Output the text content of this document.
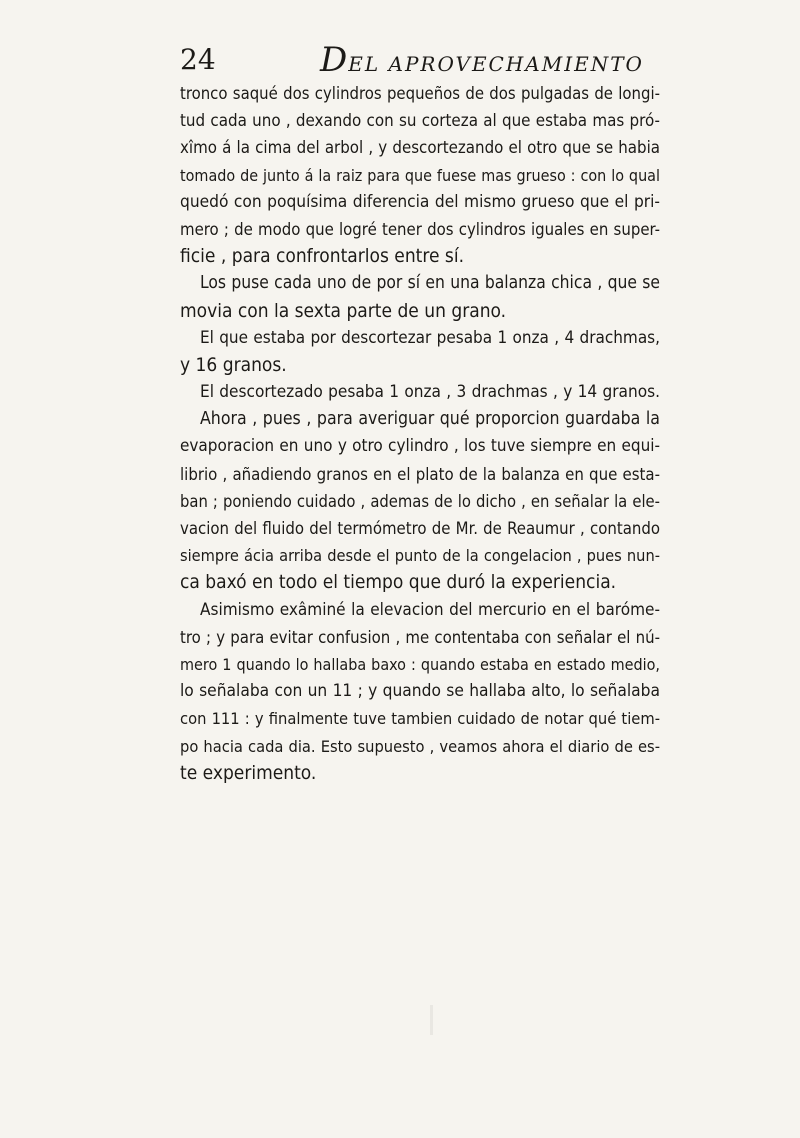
24	DEL APROVECHAMIENTO
tronco saqué dos cylindros pequeños de dos pulgadas de longi-
tud cada uno , dexando con su corteza al que estaba mas pró-
xîmo á la cima del arbol , y descortezando el otro que se habia
tomado de junto á la raiz para que fuese mas grueso : con lo qual
quedó con poquísima diferencia del mismo grueso que el pri-
mero ; de modo que logré tener dos cylindros iguales en super-
ficie , para confrontarlos entre sí.
Los puse cada uno de por sí en una balanza chica , que se
movia con la sexta parte de un grano.
El que estaba por descortezar pesaba 1 onza , 4 drachmas,
y 16 granos.
El descortezado pesaba 1 onza , 3 drachmas , y 14 granos.
Ahora , pues , para averiguar qué proporcion guardaba la
evaporacion en uno y otro cylindro , los tuve siempre en equi-
librio , añadiendo granos en el plato de la balanza en que esta-
ban ; poniendo cuidado , ademas de lo dicho , en señalar la ele-
vacion del fluido del termómetro de Mr. de Reaumur , contando
siempre ácia arriba desde el punto de la congelacion , pues nun-
ca baxó en todo el tiempo que duró la experiencia.
Asimismo exâminé la elevacion del mercurio en el baróme-
tro ; y para evitar confusion , me contentaba con señalar el nú-
mero 1 quando lo hallaba baxo : quando estaba en estado medio,
lo señalaba con un 11 ; y quando se hallaba alto, lo señalaba
con 111 : y finalmente tuve tambien cuidado de notar qué tiem-
po hacia cada dia. Esto supuesto , veamos ahora el diario de es-
te experimento.
